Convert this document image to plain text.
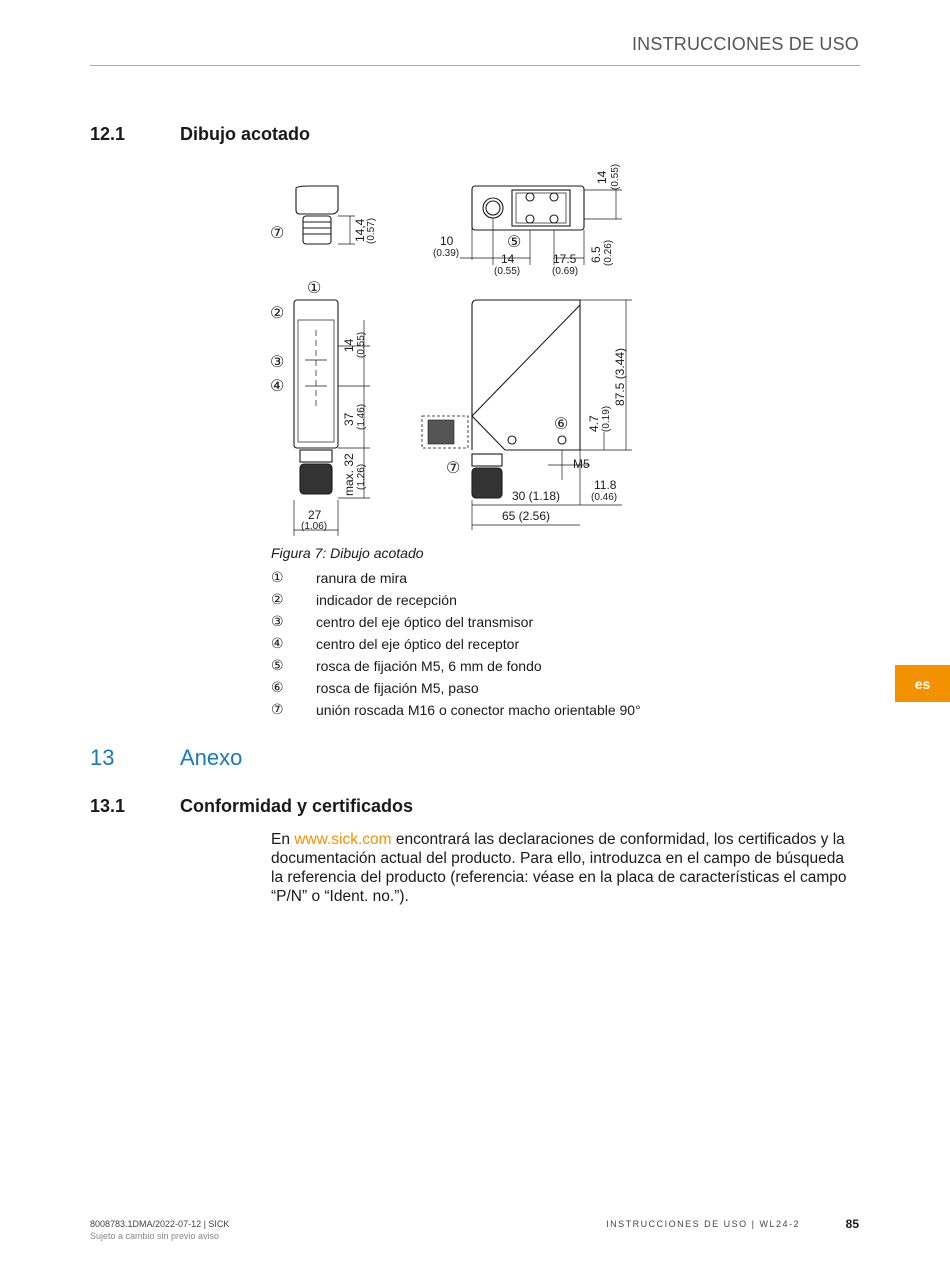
INSTRUCCIONES DE USO
12.1	Dibujo acotado
⑦	14,4 (0.57)
14 (0.55)
10
(0.39)
⑤
14
(0.55)
17.5
(0.69)
6.5 (0.26)
①
②
③
④
14 (0.55)
37 (1.46)
max. 32 (1.26)
27
(1.06)
87.5 (3.44)
⑥ 4.7 (0.19)
⑦	M5
30 (1.18)
11.8
(0.46)
65 (2.56)
Figura 7: Dibujo acotado
① ranura de mira
② indicador de recepción
③ centro del eje óptico del transmisor
④ centro del eje óptico del receptor
⑤ rosca de fijación M5, 6 mm de fondo
⑥ rosca de fijación M5, paso
⑦ unión roscada M16 o conector macho orientable 90°
13	Anexo
13.1	Conformidad y certificados

En www.sick.com encontrará las declaraciones de conformidad, los certificados y la documentación actual del producto. Para ello, introduzca en el campo de búsqueda la referencia del producto (referencia: véase en la placa de características el campo “P/N” o “Ident. no.”).

es
8008783.1DMA/2022-07-12 | SICK
Sujeto a cambio sin previo aviso
INSTRUCCIONES DE USO | WL24-2	85
